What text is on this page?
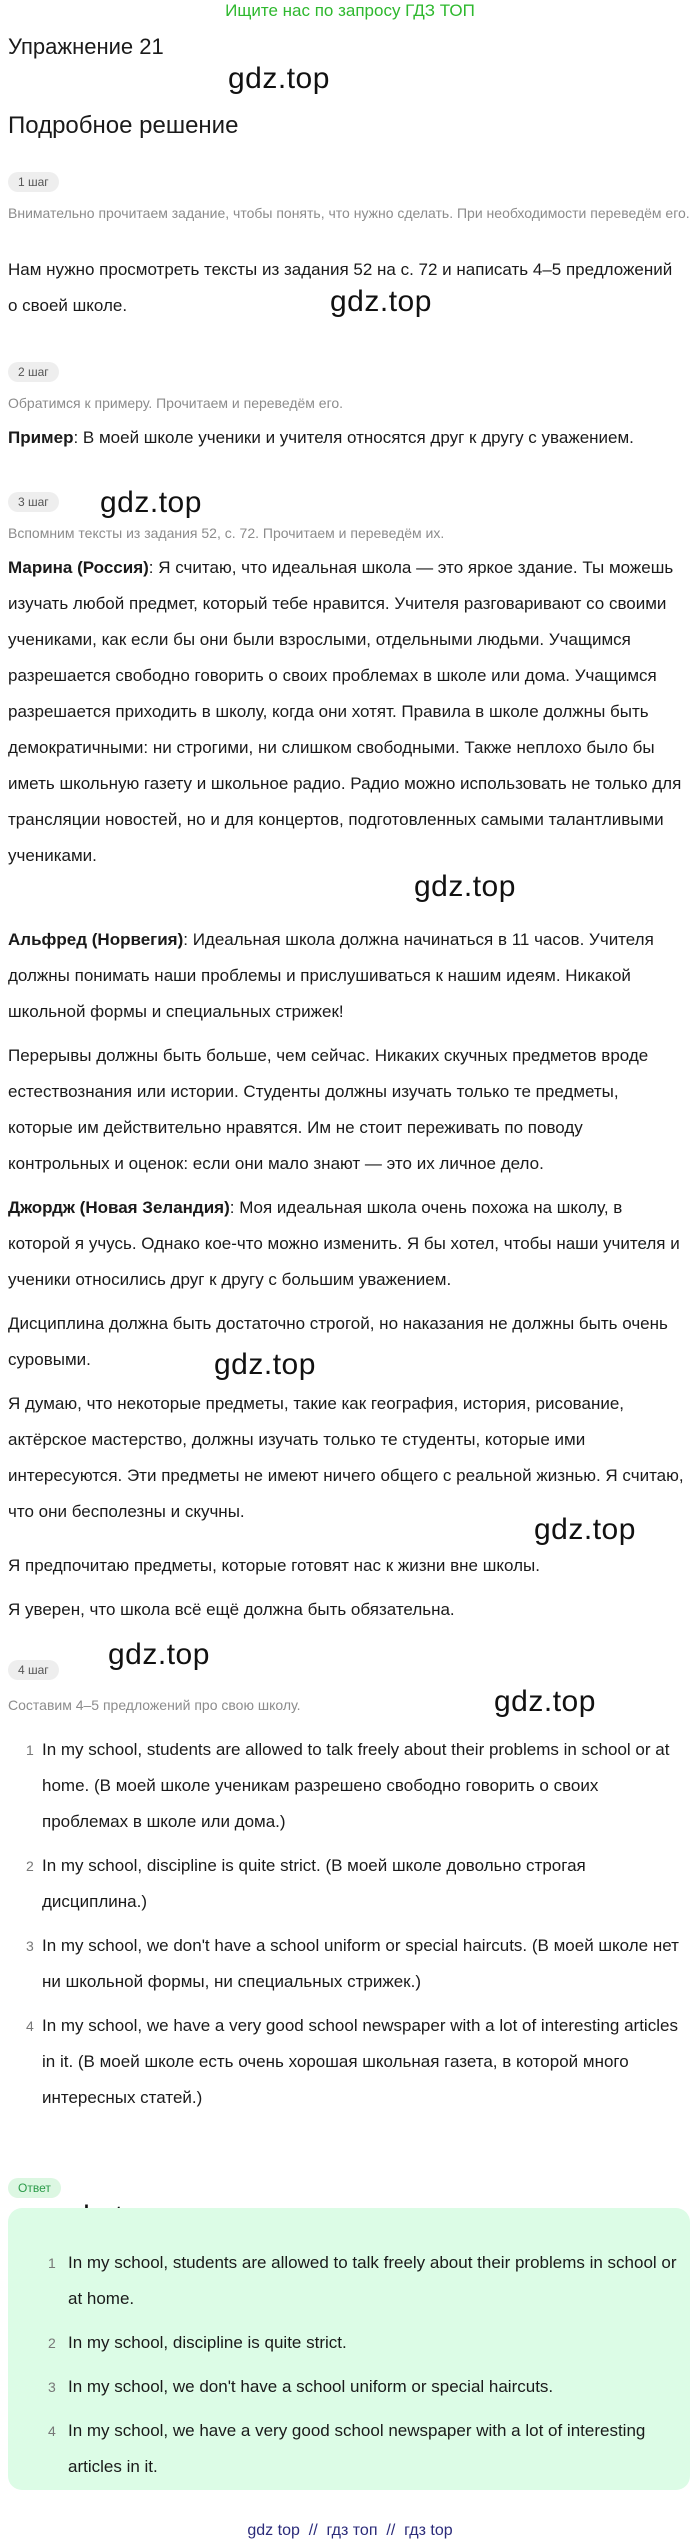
Ищите нас по запросу ГДЗ ТОП
Упражнение 21
gdz.top
gdz.top
gdz.top
gdz.top
gdz.top
gdz.top
gdz.top
gdz.top
Подробное решение
1 шаг
Внимательно прочитаем задание, чтобы понять, что нужно сделать. При необходимости переведём его.
Нам нужно просмотреть тексты из задания 52 на с. 72 и написать 4–5 предложений о своей школе.
2 шаг
Обратимся к примеру. Прочитаем и переведём его.
Пример: В моей школе ученики и учителя относятся друг к другу с уважением.
3 шаг
Вспомним тексты из задания 52, с. 72. Прочитаем и переведём их.
Марина (Россия): Я считаю, что идеальная школа — это яркое здание. Ты можешь изучать любой предмет, который тебе нравится. Учителя разговаривают со своими учениками, как если бы они были взрослыми, отдельными людьми. Учащимся разрешается свободно говорить о своих проблемах в школе или дома. Учащимся разрешается приходить в школу, когда они хотят. Правила в школе должны быть демократичными: ни строгими, ни слишком свободными. Также неплохо было бы иметь школьную газету и школьное радио. Радио можно использовать не только для трансляции новостей, но и для концертов, подготовленных самыми талантливыми учениками.
Альфред (Норвегия): Идеальная школа должна начинаться в 11 часов. Учителя должны понимать наши проблемы и прислушиваться к нашим идеям. Никакой школьной формы и специальных стрижек!
Перерывы должны быть больше, чем сейчас. Никаких скучных предметов вроде естествознания или истории. Студенты должны изучать только те предметы, которые им действительно нравятся. Им не стоит переживать по поводу контрольных и оценок: если они мало знают — это их личное дело.
Джордж (Новая Зеландия): Моя идеальная школа очень похожа на школу, в которой я учусь. Однако кое-что можно изменить. Я бы хотел, чтобы наши учителя и ученики относились друг к другу с большим уважением.
Дисциплина должна быть достаточно строгой, но наказания не должны быть очень суровыми.
Я думаю, что некоторые предметы, такие как география, история, рисование, актёрское мастерство, должны изучать только те студенты, которые ими интересуются. Эти предметы не имеют ничего общего с реальной жизнью. Я считаю, что они бесполезны и скучны.
Я предпочитаю предметы, которые готовят нас к жизни вне школы.
Я уверен, что школа всё ещё должна быть обязательна.
4 шаг
Составим 4–5 предложений про свою школу.
1 In my school, students are allowed to talk freely about their problems in school or at home. (В моей школе ученикам разрешено свободно говорить о своих проблемах в школе или дома.)
2 In my school, discipline is quite strict. (В моей школе довольно строгая дисциплина.)
3 In my school, we don't have a school uniform or special haircuts. (В моей школе нет ни школьной формы, ни специальных стрижек.)
4 In my school, we have a very good school newspaper with a lot of interesting articles in it. (В моей школе есть очень хорошая школьная газета, в которой много интересных статей.)
Ответ
1 In my school, students are allowed to talk freely about their problems in school or at home.
2 In my school, discipline is quite strict.
3 In my school, we don't have a school uniform or special haircuts.
4 In my school, we have a very good school newspaper with a lot of interesting articles in it.
gdz top  //  гдз топ  //  гдз top
